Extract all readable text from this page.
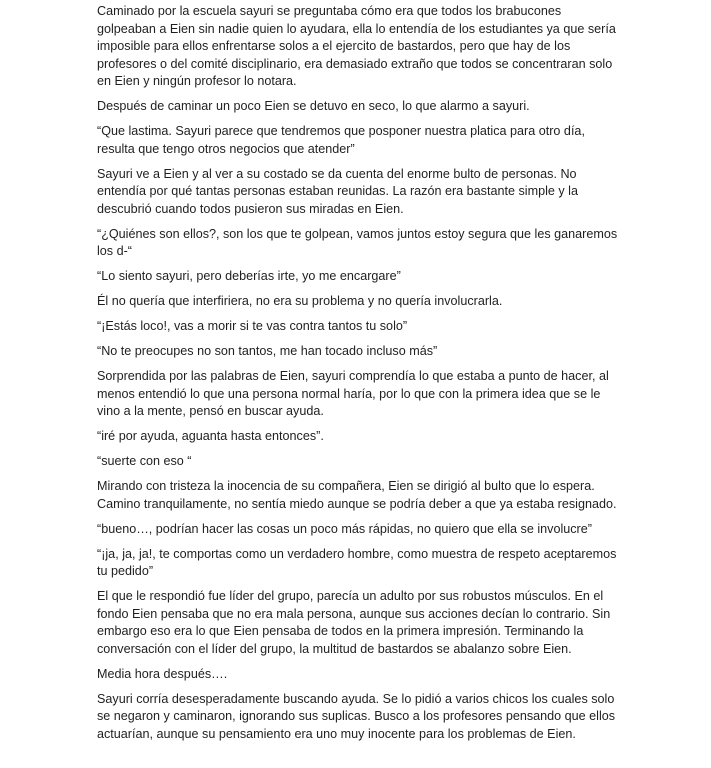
Caminado por la escuela sayuri se preguntaba cómo era que todos los brabucones golpeaban a Eien sin nadie quien lo ayudara, ella lo entendía de los estudiantes ya que sería imposible para ellos enfrentarse solos a el ejercito de bastardos, pero que hay de los profesores o del comité disciplinario, era demasiado extraño que todos se concentraran solo en Eien y ningún profesor lo notara.

Después de caminar un poco Eien se detuvo en seco, lo que alarmo a sayuri.

“Que lastima. Sayuri parece que tendremos que posponer nuestra platica para otro día, resulta que tengo otros negocios que atender”

Sayuri ve a Eien y al ver a su costado se da cuenta del enorme bulto de personas. No entendía por qué tantas personas estaban reunidas. La razón era bastante simple y la descubrió cuando todos pusieron sus miradas en Eien.

“¿Quiénes son ellos?, son los que te golpean, vamos juntos estoy segura que les ganaremos los d-“

“Lo siento sayuri, pero deberías irte, yo me encargare”

Él no quería que interfiriera, no era su problema y no quería involucrarla.

“¡Estás loco!, vas a morir si te vas contra tantos tu solo”

“No te preocupes no son tantos, me han tocado incluso más”

Sorprendida por las palabras de Eien, sayuri comprendía lo que estaba a punto de hacer, al menos entendió lo que una persona normal haría, por lo que con la primera idea que se le vino a la mente, pensó en buscar ayuda.

“iré por ayuda, aguanta hasta entonces”.

“suerte con eso “

Mirando con tristeza la inocencia de su compañera, Eien se dirigió al bulto que lo espera. Camino tranquilamente, no sentía miedo aunque se podría deber a que ya estaba resignado.

“bueno…, podrían hacer las cosas un poco más rápidas, no quiero que ella se involucre”

“¡ja, ja, ja!, te comportas como un verdadero hombre, como muestra de respeto aceptaremos tu pedido”

El que le respondió fue líder del grupo, parecía un adulto por sus robustos músculos. En el fondo Eien pensaba que no era mala persona, aunque sus acciones decían lo contrario. Sin embargo eso era lo que Eien pensaba de todos en la primera impresión. Terminando la conversación con el líder del grupo, la multitud de bastardos se abalanzo sobre Eien.

Media hora después….

Sayuri corría desesperadamente buscando ayuda. Se lo pidió a varios chicos los cuales solo se negaron y caminaron, ignorando sus suplicas. Busco a los profesores pensando que ellos actuarían, aunque su pensamiento era uno muy inocente para los problemas de Eien.
